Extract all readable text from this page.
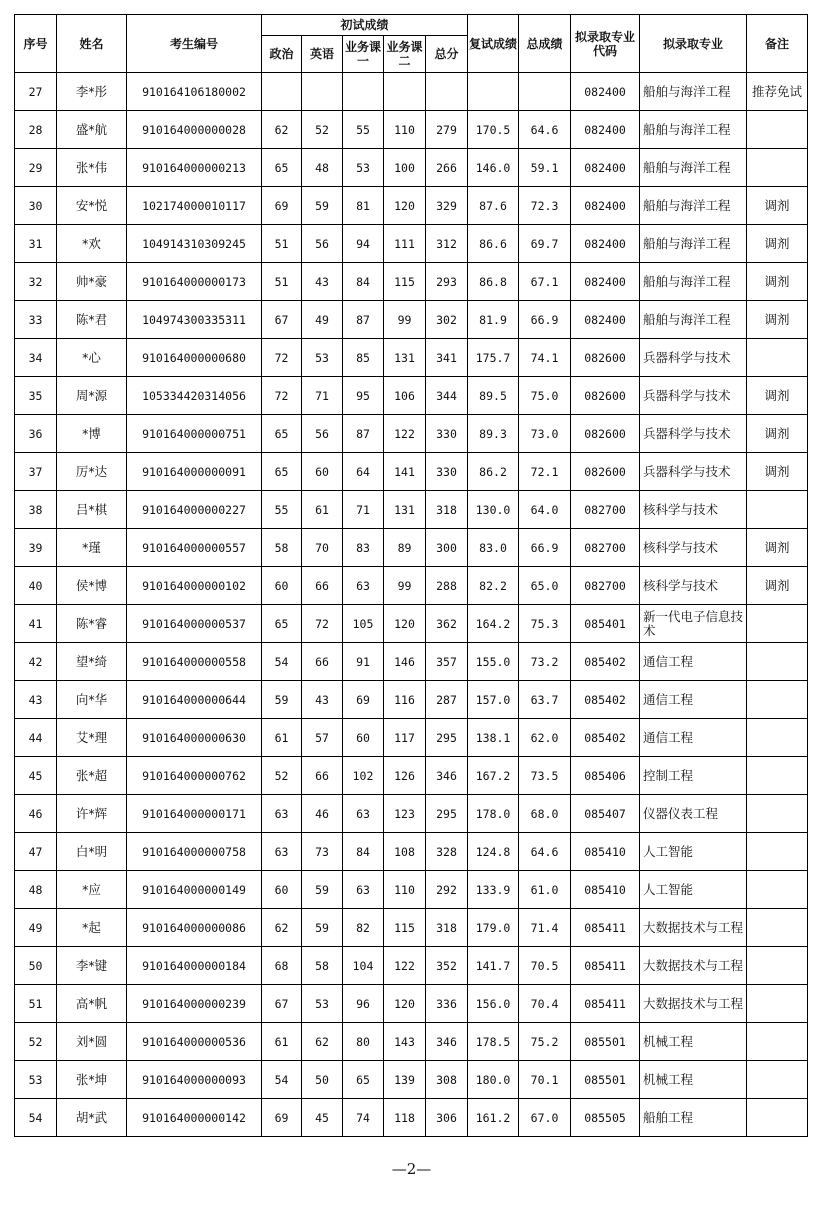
序号	姓名	考生编号	初试成绩					复试成绩	总成绩	拟录取专业代码	拟录取专业	备注
			政治	英语	业务课一	业务课二	总分					
27	李*彤	910164106180002								082400	船舶与海洋工程	推荐免试
28	盛*航	910164000000028	62	52	55	110	279	170.5	64.6	082400	船舶与海洋工程	
29	张*伟	910164000000213	65	48	53	100	266	146.0	59.1	082400	船舶与海洋工程	
30	安*悦	102174000010117	69	59	81	120	329	87.6	72.3	082400	船舶与海洋工程	调剂
31	*欢	104914310309245	51	56	94	111	312	86.6	69.7	082400	船舶与海洋工程	调剂
32	帅*豪	910164000000173	51	43	84	115	293	86.8	67.1	082400	船舶与海洋工程	调剂
33	陈*君	104974300335311	67	49	87	99	302	81.9	66.9	082400	船舶与海洋工程	调剂
34	*心	910164000000680	72	53	85	131	341	175.7	74.1	082600	兵器科学与技术	
35	周*源	105334420314056	72	71	95	106	344	89.5	75.0	082600	兵器科学与技术	调剂
36	*博	910164000000751	65	56	87	122	330	89.3	73.0	082600	兵器科学与技术	调剂
37	厉*达	910164000000091	65	60	64	141	330	86.2	72.1	082600	兵器科学与技术	调剂
38	吕*棋	910164000000227	55	61	71	131	318	130.0	64.0	082700	核科学与技术	
39	*瑾	910164000000557	58	70	83	89	300	83.0	66.9	082700	核科学与技术	调剂
40	侯*博	910164000000102	60	66	63	99	288	82.2	65.0	082700	核科学与技术	调剂
41	陈*睿	910164000000537	65	72	105	120	362	164.2	75.3	085401	新一代电子信息技术	
42	望*绮	910164000000558	54	66	91	146	357	155.0	73.2	085402	通信工程	
43	向*华	910164000000644	59	43	69	116	287	157.0	63.7	085402	通信工程	
44	艾*理	910164000000630	61	57	60	117	295	138.1	62.0	085402	通信工程	
45	张*超	910164000000762	52	66	102	126	346	167.2	73.5	085406	控制工程	
46	许*辉	910164000000171	63	46	63	123	295	178.0	68.0	085407	仪器仪表工程	
47	白*明	910164000000758	63	73	84	108	328	124.8	64.6	085410	人工智能	
48	*应	910164000000149	60	59	63	110	292	133.9	61.0	085410	人工智能	
49	*起	910164000000086	62	59	82	115	318	179.0	71.4	085411	大数据技术与工程	
50	李*键	910164000000184	68	58	104	122	352	141.7	70.5	085411	大数据技术与工程	
51	高*帆	910164000000239	67	53	96	120	336	156.0	70.4	085411	大数据技术与工程	
52	刘*圆	910164000000536	61	62	80	143	346	178.5	75.2	085501	机械工程	
53	张*坤	910164000000093	54	50	65	139	308	180.0	70.1	085501	机械工程	
54	胡*武	910164000000142	69	45	74	118	306	161.2	67.0	085505	船舶工程	
—2—
